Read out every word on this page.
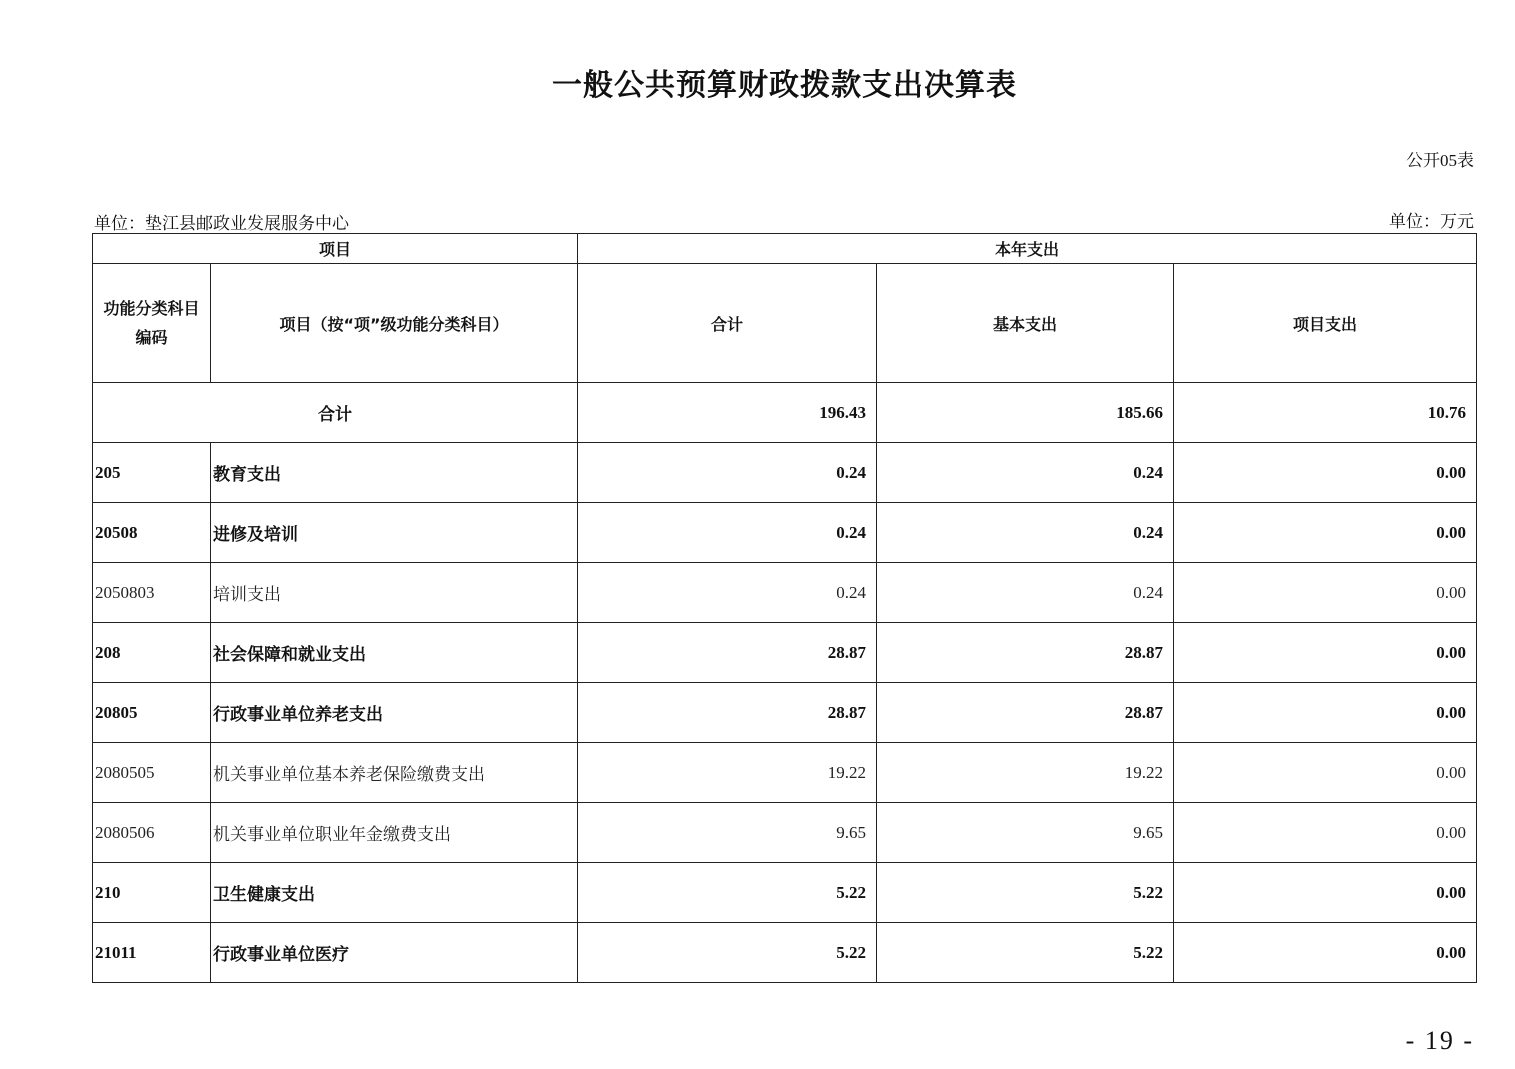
一般公共预算财政拨款支出决算表
公开05表
单位：垫江县邮政业发展服务中心	单位：万元
项目		本年支出		
功能分类科目编码	项目（按“项”级功能分类科目）	合计	基本支出	项目支出
合计		196.43	185.66	10.76
205	教育支出	0.24	0.24	0.00
20508	进修及培训	0.24	0.24	0.00
2050803	培训支出	0.24	0.24	0.00
208	社会保障和就业支出	28.87	28.87	0.00
20805	行政事业单位养老支出	28.87	28.87	0.00
2080505	机关事业单位基本养老保险缴费支出	19.22	19.22	0.00
2080506	机关事业单位职业年金缴费支出	9.65	9.65	0.00
210	卫生健康支出	5.22	5.22	0.00
21011	行政事业单位医疗	5.22	5.22	0.00
- 19 -
